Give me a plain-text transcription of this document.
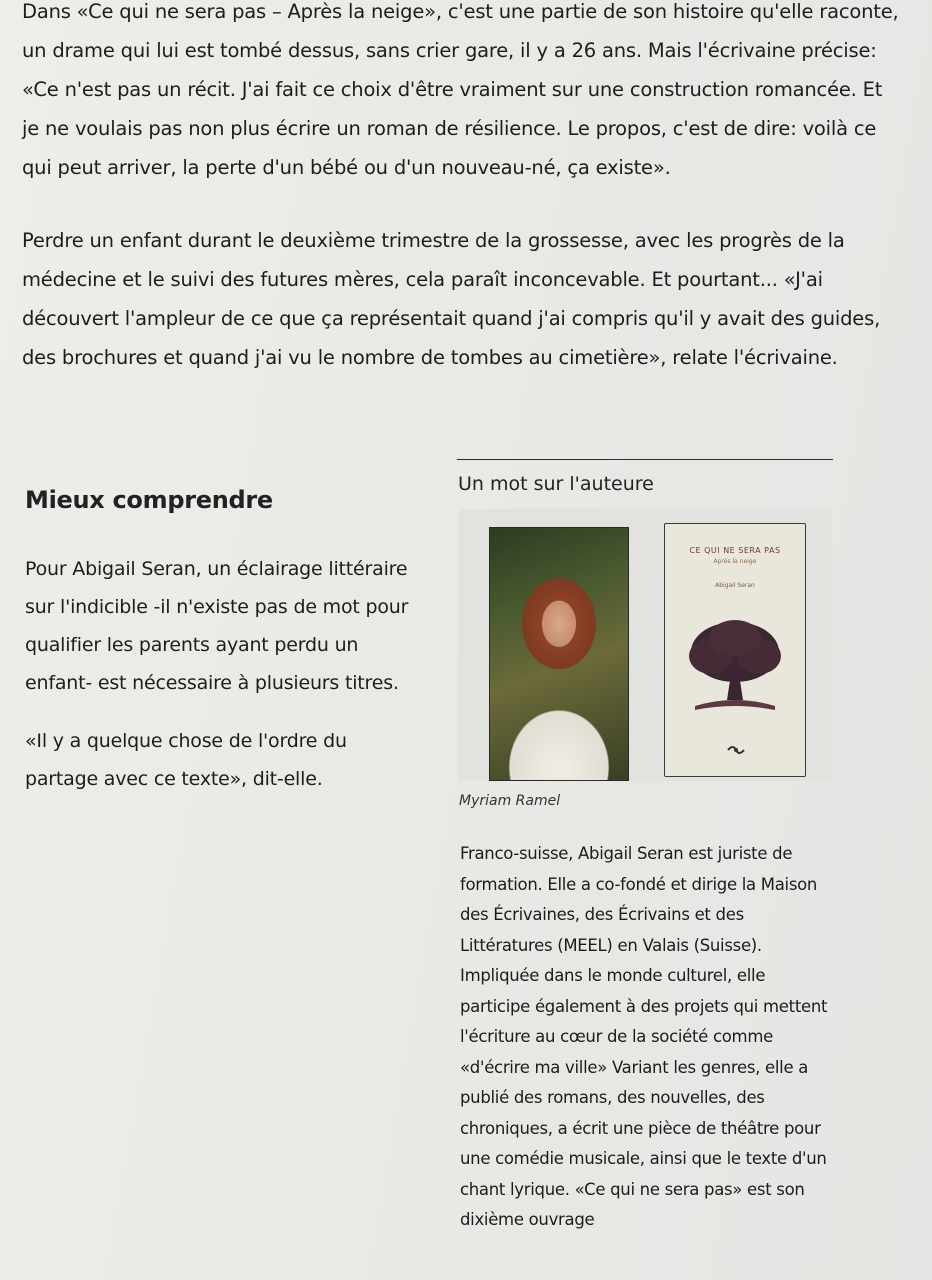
Dans «Ce qui ne sera pas – Après la neige», c'est une partie de son histoire qu'elle raconte, un drame qui lui est tombé dessus, sans crier gare, il y a 26 ans. Mais l'écrivaine précise: «Ce n'est pas un récit. J'ai fait ce choix d'être vraiment sur une construction romancée. Et je ne voulais pas non plus écrire un roman de résilience. Le propos, c'est de dire: voilà ce qui peut arriver, la perte d'un bébé ou d'un nouveau-né, ça existe».

Perdre un enfant durant le deuxième trimestre de la grossesse, avec les progrès de la médecine et le suivi des futures mères, cela paraît inconcevable. Et pourtant... «J'ai découvert l'ampleur de ce que ça représentait quand j'ai compris qu'il y avait des guides, des brochures et quand j'ai vu le nombre de tombes au cimetière», relate l'écrivaine.

Mieux comprendre

Pour Abigail Seran, un éclairage littéraire sur l'indicible -il n'existe pas de mot pour qualifier les parents ayant perdu un enfant- est nécessaire à plusieurs titres.

«Il y a quelque chose de l'ordre du partage avec ce texte», dit-elle.

Un mot sur l'auteure
CE QUI NE SERA PAS
Après la neige
Abigail Seran
Myriam Ramel

Franco-suisse, Abigail Seran est juriste de formation. Elle a co-fondé et dirige la Maison des Écrivaines, des Écrivains et des Littératures (MEEL) en Valais (Suisse). Impliquée dans le monde culturel, elle participe également à des projets qui mettent l'écriture au cœur de la société comme «d'écrire ma ville» Variant les genres, elle a publié des romans, des nouvelles, des chroniques, a écrit une pièce de théâtre pour une comédie musicale, ainsi que le texte d'un chant lyrique. «Ce qui ne sera pas» est son dixième ouvrage
